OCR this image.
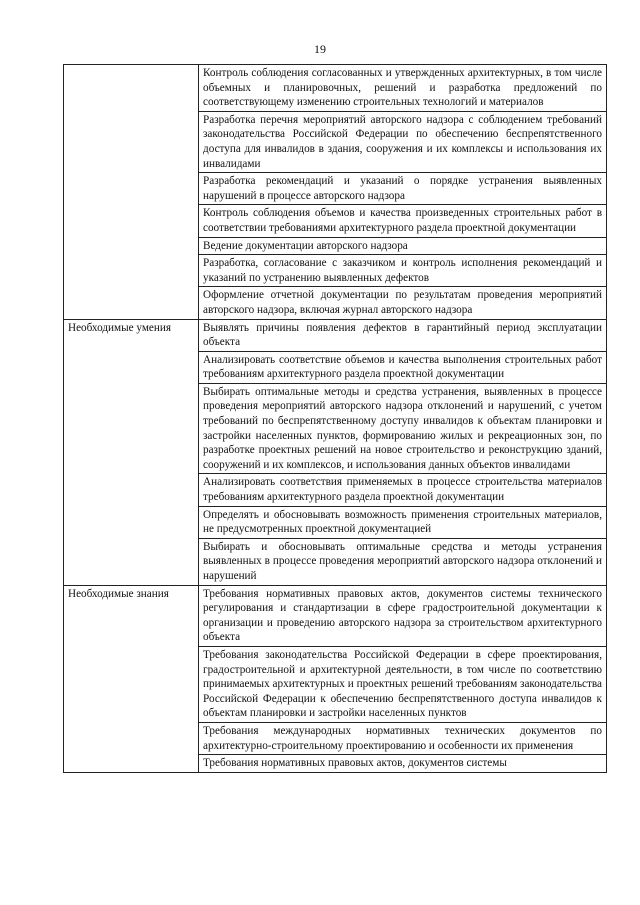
19
	Контроль соблюдения согласованных и утвержденных архитектурных, в том числе объемных и планировочных, решений и разработка предложений по соответствующему изменению строительных технологий и материалов
	Разработка перечня мероприятий авторского надзора с соблюдением требований законодательства Российской Федерации по обеспечению беспрепятственного доступа для инвалидов в здания, сооружения и их комплексы и использования их инвалидами
	Разработка рекомендаций и указаний о порядке устранения выявленных нарушений в процессе авторского надзора
	Контроль соблюдения объемов и качества произведенных строительных работ в соответствии требованиями архитектурного раздела проектной документации
	Ведение документации авторского надзора
	Разработка, согласование с заказчиком и контроль исполнения рекомендаций и указаний по устранению выявленных дефектов
	Оформление отчетной документации по результатам проведения мероприятий авторского надзора, включая журнал авторского надзора
Необходимые умения	Выявлять причины появления дефектов в гарантийный период эксплуатации объекта
	Анализировать соответствие объемов и качества выполнения строительных работ требованиям архитектурного раздела проектной документации
	Выбирать оптимальные методы и средства устранения, выявленных в процессе проведения мероприятий авторского надзора отклонений и нарушений, с учетом требований по беспрепятственному доступу инвалидов к объектам планировки и застройки населенных пунктов, формированию жилых и рекреационных зон, по разработке проектных решений на новое строительство и реконструкцию зданий, сооружений и их комплексов, и использования данных объектов инвалидами
	Анализировать соответствия применяемых в процессе строительства материалов требованиям архитектурного раздела проектной документации
	Определять и обосновывать возможность применения строительных материалов, не предусмотренных проектной документацией
	Выбирать и обосновывать оптимальные средства и методы устранения выявленных в процессе проведения мероприятий авторского надзора отклонений и нарушений
Необходимые знания	Требования нормативных правовых актов, документов системы технического регулирования и стандартизации в сфере градостроительной документации к организации и проведению авторского надзора за строительством архитектурного объекта
	Требования законодательства Российской Федерации в сфере проектирования, градостроительной и архитектурной деятельности, в том числе по соответствию принимаемых архитектурных и проектных решений требованиям законодательства Российской Федерации к обеспечению беспрепятственного доступа инвалидов к объектам планировки и застройки населенных пунктов
	Требования международных нормативных технических документов по архитектурно-строительному проектированию и особенности их применения
	Требования нормативных правовых актов, документов системы
